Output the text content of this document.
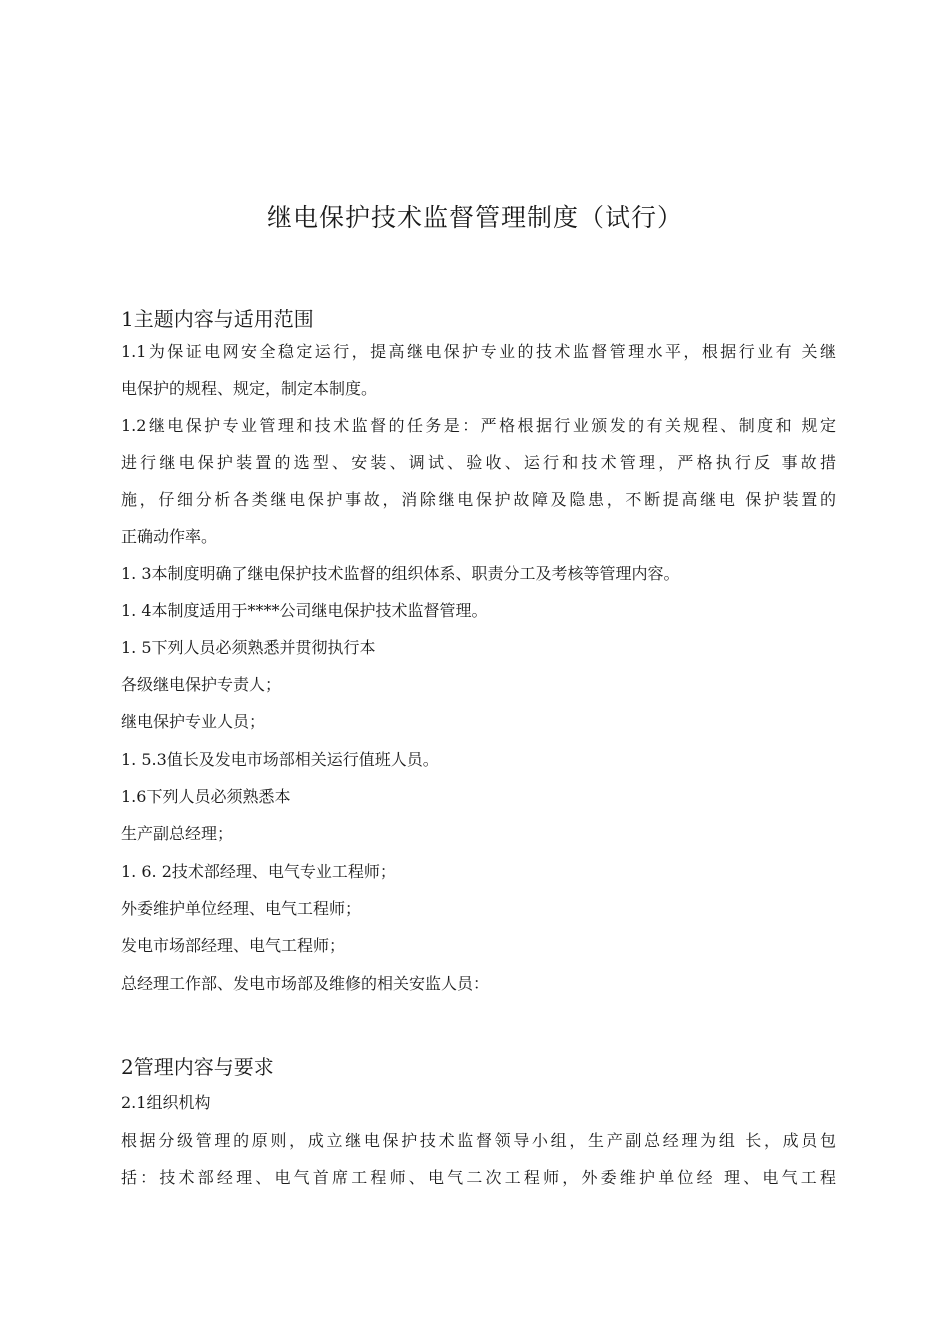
继电保护技术监督管理制度（试行）
1主题内容与适用范围
1.1为保证电网安全稳定运行，提高继电保护专业的技术监督管理水平，根据行业有 关继
电保护的规程、规定，制定本制度。
1.2继电保护专业管理和技术监督的任务是：严格根据行业颁发的有关规程、制度和 规定
进行继电保护装置的选型、安装、调试、验收、运行和技术管理，严格执行反 事故措
施，仔细分析各类继电保护事故，消除继电保护故障及隐患，不断提高继电 保护装置的
正确动作率。
1. 3本制度明确了继电保护技术监督的组织体系、职责分工及考核等管理内容。
1. 4本制度适用于****公司继电保护技术监督管理。
1. 5下列人员必须熟悉并贯彻执行本
各级继电保护专责人；
继电保护专业人员；
1. 5.3值长及发电市场部相关运行值班人员。
1.6下列人员必须熟悉本
生产副总经理；
1. 6. 2技术部经理、电气专业工程师；
外委维护单位经理、电气工程师；
发电市场部经理、电气工程师；
总经理工作部、发电市场部及维修的相关安监人员：
2管理内容与要求
2.1组织机构
根据分级管理的原则，成立继电保护技术监督领导小组，生产副总经理为组 长，成员包
括：技术部经理、电气首席工程师、电气二次工程师，外委维护单位经 理、电气工程
